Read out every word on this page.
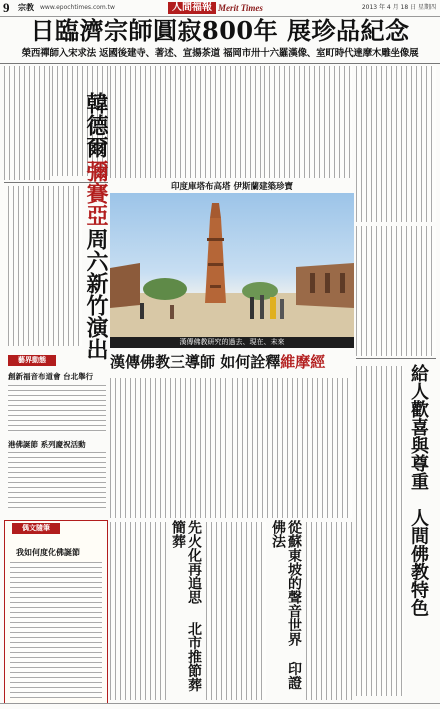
9 宗教 www.epochtimes.com.tw	人間福報 Merit Times	2013 年 4 月 18 日 星期四
日臨濟宗師圓寂800年 展珍品紀念
榮西禪師入宋求法 返國後建寺、著述、宣揚茶道 福岡市卅十六羅漢像、室町時代達摩木雕坐像展
韓德爾
彌賽亞
周六新竹演出
藝界動態
創新福音布道會 台北舉行
港佛誕節 系列慶祝活動
偶文隨筆
我如何度化佛誕節
印度庫塔布高塔 伊斯蘭建築珍寶
漢傳佛教研究的過去、現在、未來
給人歡喜與尊重  人間佛教特色
漢傳佛教三導師 如何詮釋維摩經
先火化再追思  北市推節葬簡葬	從蘇東坡的聲音世界  印證佛法
